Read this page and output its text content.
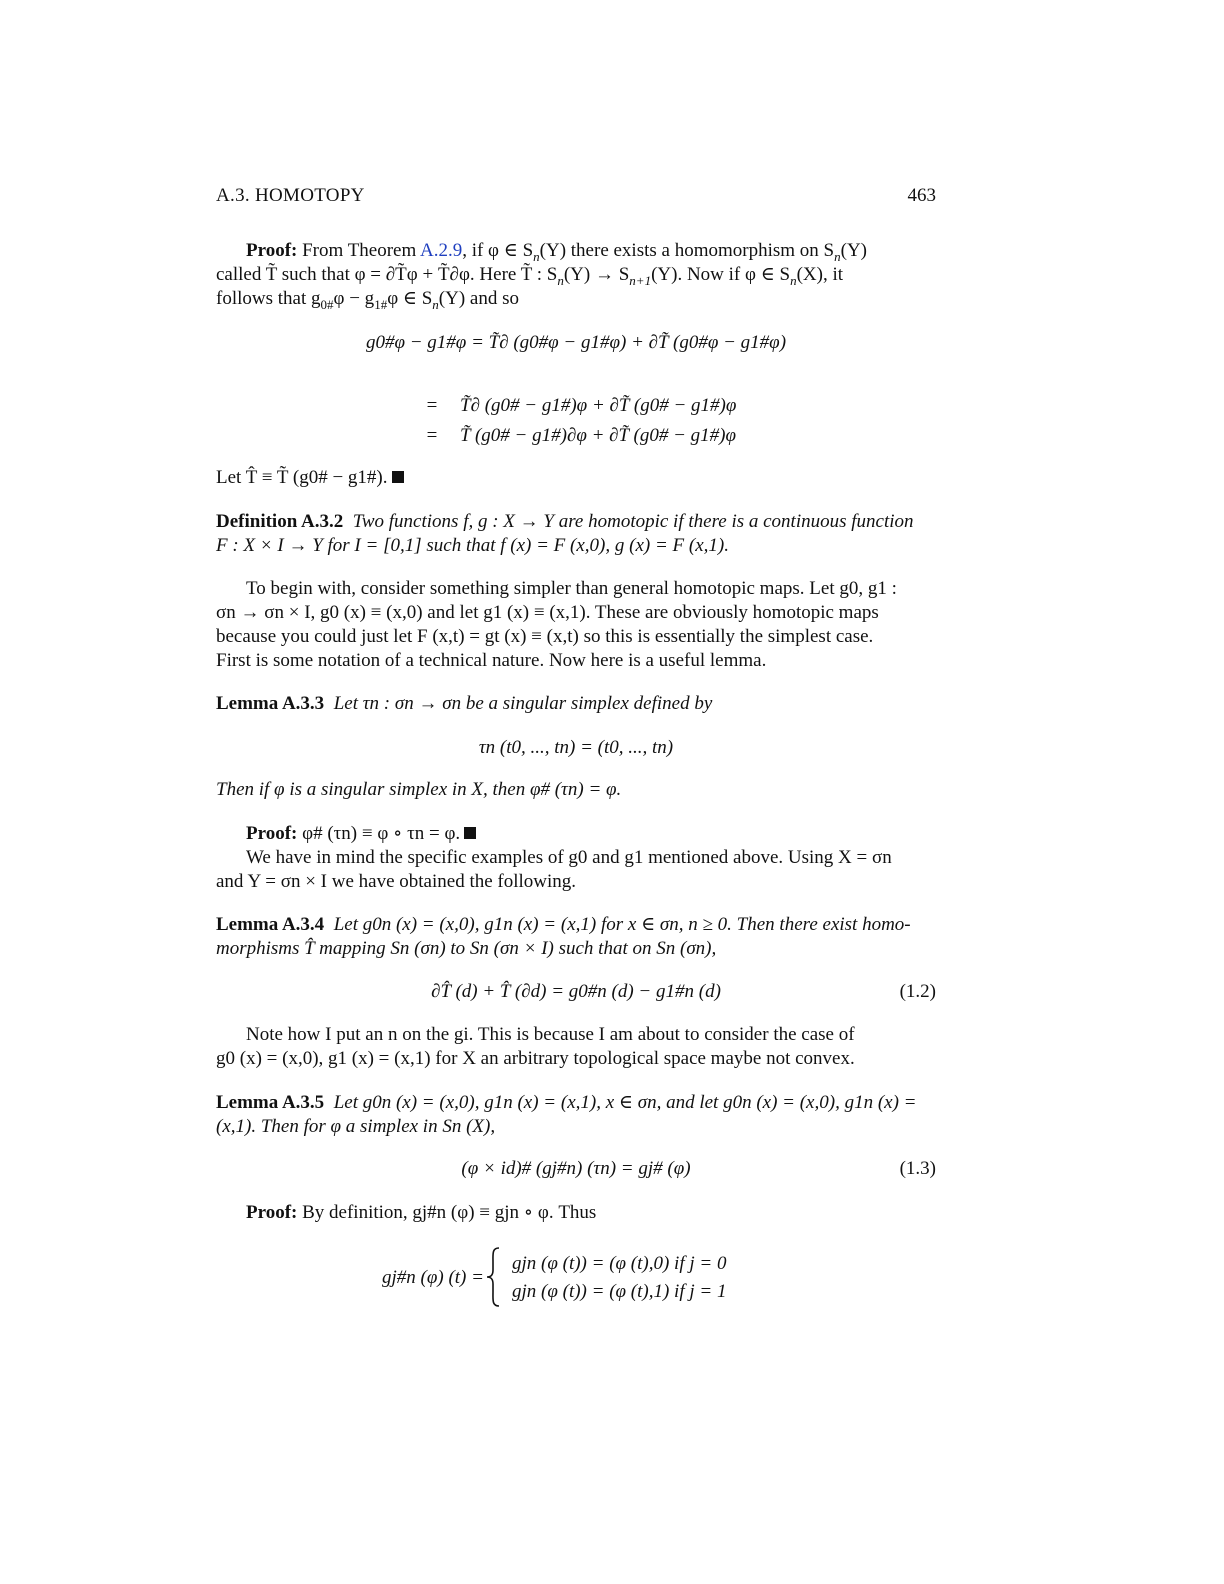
A.3. HOMOTOPY	463
Proof: From Theorem A.2.9, if φ ∈ $S_n(Y)$ there exists a homomorphism on $S_n(Y)$
called T̃ such that φ = ∂T̃φ + T̃∂φ. Here T̃ : $S_n(Y) \to S_{n+1}(Y)$. Now if φ ∈ $S_n(X)$, it
follows that $g_{0\#}\varphi - g_{1\#}\varphi$ ∈ $S_n(Y)$ and so
g0#φ − g1#φ = T̃∂ (g0#φ − g1#φ) + ∂T̃ (g0#φ − g1#φ)
= T̃∂ (g0# − g1#)φ + ∂T̃ (g0# − g1#)φ
= T̃ (g0# − g1#)∂φ + ∂T̃ (g0# − g1#)φ
Let T̂ ≡ T̃ (g0# − g1#).
Definition A.3.2 Two functions f, g : X → Y are homotopic if there is a continuous function
F : X × I → Y for I = [0,1] such that f (x) = F (x,0), g (x) = F (x,1).
To begin with, consider something simpler than general homotopic maps. Let g0, g1 :
σn → σn × I, g0 (x) ≡ (x,0) and let g1 (x) ≡ (x,1). These are obviously homotopic maps
because you could just let F (x,t) = gt (x) ≡ (x,t) so this is essentially the simplest case.
First is some notation of a technical nature. Now here is a useful lemma.
Lemma A.3.3 Let τn : σn → σn be a singular simplex defined by
τn (t0, ..., tn) = (t0, ..., tn)
Then if φ is a singular simplex in X, then φ# (τn) = φ.
Proof: φ# (τn) ≡ φ ∘ τn = φ.
We have in mind the specific examples of g0 and g1 mentioned above. Using X = σn
and Y = σn × I we have obtained the following.
Lemma A.3.4 Let g0n (x) = (x,0), g1n (x) = (x,1) for x ∈ σn, n ≥ 0. Then there exist homo-
morphisms T̂ mapping Sn (σn) to Sn (σn × I) such that on Sn (σn),
∂T̂ (d) + T̂ (∂d) = g0#n (d) − g1#n (d)	(1.2)
Note how I put an n on the gi. This is because I am about to consider the case of
g0 (x) = (x,0), g1 (x) = (x,1) for X an arbitrary topological space maybe not convex.
Lemma A.3.5 Let g0n (x) = (x,0), g1n (x) = (x,1), x ∈ σn, and let g0n (x) = (x,0), g1n (x) =
(x,1). Then for φ a simplex in Sn (X),
(φ × id)# (gj#n) (τn) = gj# (φ)	(1.3)
Proof: By definition, gj#n (φ) ≡ gjn ∘ φ. Thus
gj#n (φ) (t) =
gjn (φ (t)) = (φ (t),0) if j = 0
gjn (φ (t)) = (φ (t),1) if j = 1
